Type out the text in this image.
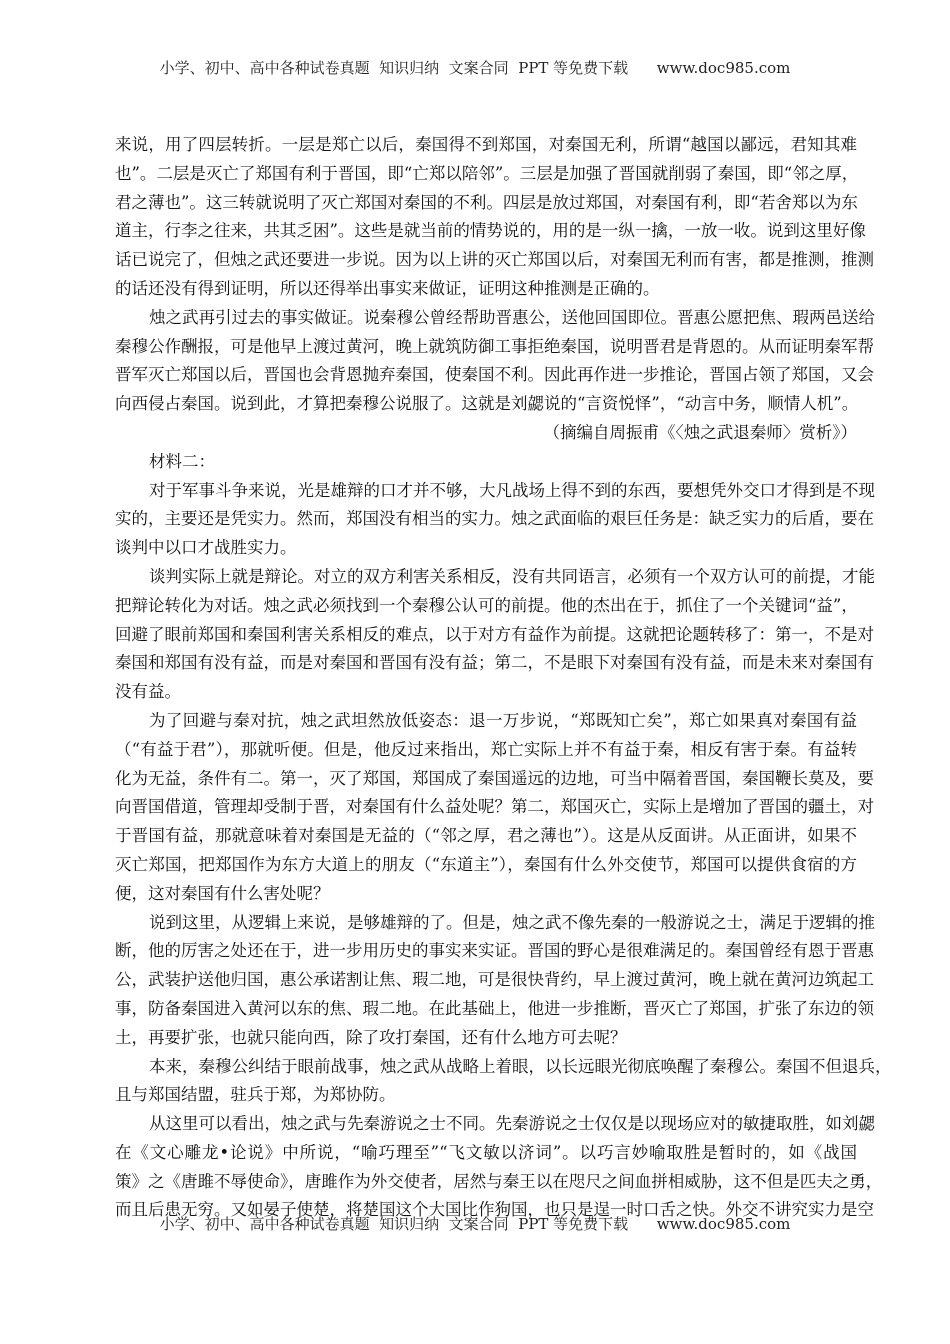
小学、初中、高中各种试卷真题  知识归纳  文案合同  PPT 等免费下载      www.doc985.com
来说，用了四层转折。一层是郑亡以后，秦国得不到郑国，对秦国无利，所谓“越国以鄙远，君知其难
也”。二层是灭亡了郑国有利于晋国，即“亡郑以陪邻”。三层是加强了晋国就削弱了秦国，即“邻之厚，
君之薄也”。这三转就说明了灭亡郑国对秦国的不利。四层是放过郑国，对秦国有利，即“若舍郑以为东
道主，行李之往来，共其乏困”。这些是就当前的情势说的，用的是一纵一擒，一放一收。说到这里好像
话已说完了，但烛之武还要进一步说。因为以上讲的灭亡郑国以后，对秦国无利而有害，都是推测，推测
的话还没有得到证明，所以还得举出事实来做证，证明这种推测是正确的。
烛之武再引过去的事实做证。说秦穆公曾经帮助晋惠公，送他回国即位。晋惠公愿把焦、瑕两邑送给
秦穆公作酬报，可是他早上渡过黄河，晚上就筑防御工事拒绝秦国，说明晋君是背恩的。从而证明秦军帮
晋军灭亡郑国以后，晋国也会背恩抛弃秦国，使秦国不利。因此再作进一步推论，晋国占领了郑国，又会
向西侵占秦国。说到此，才算把秦穆公说服了。这就是刘勰说的“言资悦怿”，“动言中务，顺情人机”。
（摘编自周振甫《〈烛之武退秦师〉赏析》）
材料二：
对于军事斗争来说，光是雄辩的口才并不够，大凡战场上得不到的东西，要想凭外交口才得到是不现
实的，主要还是凭实力。然而，郑国没有相当的实力。烛之武面临的艰巨任务是：缺乏实力的后盾，要在
谈判中以口才战胜实力。
谈判实际上就是辩论。对立的双方利害关系相反，没有共同语言，必须有一个双方认可的前提，才能
把辩论转化为对话。烛之武必须找到一个秦穆公认可的前提。他的杰出在于，抓住了一个关键词“益”，
回避了眼前郑国和秦国利害关系相反的难点，以于对方有益作为前提。这就把论题转移了：第一，不是对
秦国和郑国有没有益，而是对秦国和晋国有没有益；第二，不是眼下对秦国有没有益，而是未来对秦国有
没有益。
为了回避与秦对抗，烛之武坦然放低姿态：退一万步说，“郑既知亡矣”，郑亡如果真对秦国有益
（“有益于君”），那就听便。但是，他反过来指出，郑亡实际上并不有益于秦，相反有害于秦。有益转
化为无益，条件有二。第一，灭了郑国，郑国成了秦国遥远的边地，可当中隔着晋国，秦国鞭长莫及，要
向晋国借道，管理却受制于晋，对秦国有什么益处呢？第二，郑国灭亡，实际上是增加了晋国的疆土，对
于晋国有益，那就意味着对秦国是无益的（“邻之厚，君之薄也”）。这是从反面讲。从正面讲，如果不
灭亡郑国，把郑国作为东方大道上的朋友（“东道主”），秦国有什么外交使节，郑国可以提供食宿的方
便，这对秦国有什么害处呢？
说到这里，从逻辑上来说，是够雄辩的了。但是，烛之武不像先秦的一般游说之士，满足于逻辑的推
断，他的厉害之处还在于，进一步用历史的事实来实证。晋国的野心是很难满足的。秦国曾经有恩于晋惠
公，武装护送他归国，惠公承诺割让焦、瑕二地，可是很快背约，早上渡过黄河，晚上就在黄河边筑起工
事，防备秦国进入黄河以东的焦、瑕二地。在此基础上，他进一步推断，晋灭亡了郑国，扩张了东边的领
土，再要扩张，也就只能向西，除了攻打秦国，还有什么地方可去呢？
本来，秦穆公纠结于眼前战事，烛之武从战略上着眼，以长远眼光彻底唤醒了秦穆公。秦国不但退兵，
且与郑国结盟，驻兵于郑，为郑协防。
从这里可以看出，烛之武与先秦游说之士不同。先秦游说之士仅仅是以现场应对的敏捷取胜，如刘勰
在《文心雕龙•论说》中所说，“喻巧理至”“飞文敏以济词”。以巧言妙喻取胜是暂时的，如《战国
策》之《唐雎不辱使命》，唐雎作为外交使者，居然与秦王以在咫尺之间血拼相威胁，这不但是匹夫之勇，
而且后患无穷。又如晏子使楚，将楚国这个大国比作狗国，也只是逞一时口舌之快。外交不讲究实力是空
小学、初中、高中各种试卷真题  知识归纳  文案合同  PPT 等免费下载      www.doc985.com
